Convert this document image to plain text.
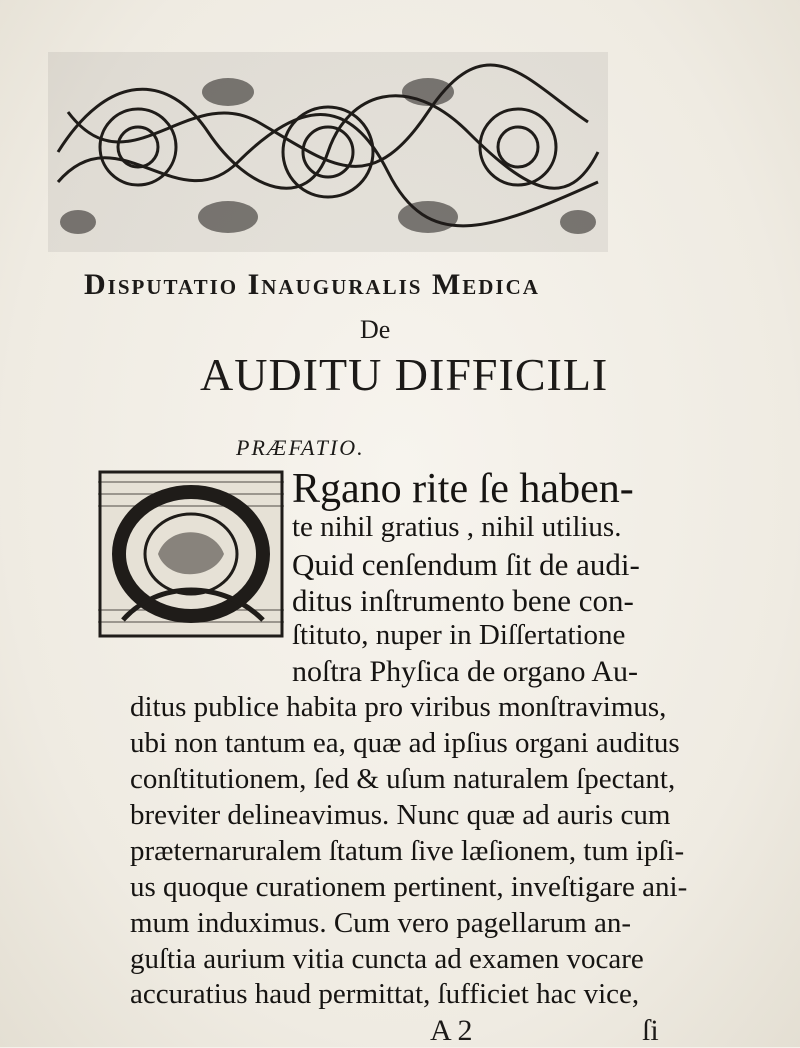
Disputatio Inauguralis Medica
De
AUDITU DIFFICILI
PRÆFATIO.
Rgano rite ſe haben-
te nihil gratius , nihil utilius.
Quid cenſendum ſit de audi-
ditus inſtrumento bene con-
ſtituto, nuper in Diſſertatione
noſtra Phyſica de organo Au-
ditus publice habita pro viribus monſtravimus,
ubi non tantum ea, quæ ad ipſius organi auditus
conſtitutionem, ſed & uſum naturalem ſpectant,
breviter delineavimus. Nunc quæ ad auris cum
præternaruralem ſtatum ſive læſionem, tum ipſi-
us quoque curationem pertinent, inveſtigare ani-
mum induximus. Cum vero pagellarum an-
guſtia aurium vitia cuncta ad examen vocare
accuratius haud permittat, ſufficiet hac vice,
A 2	ſi
